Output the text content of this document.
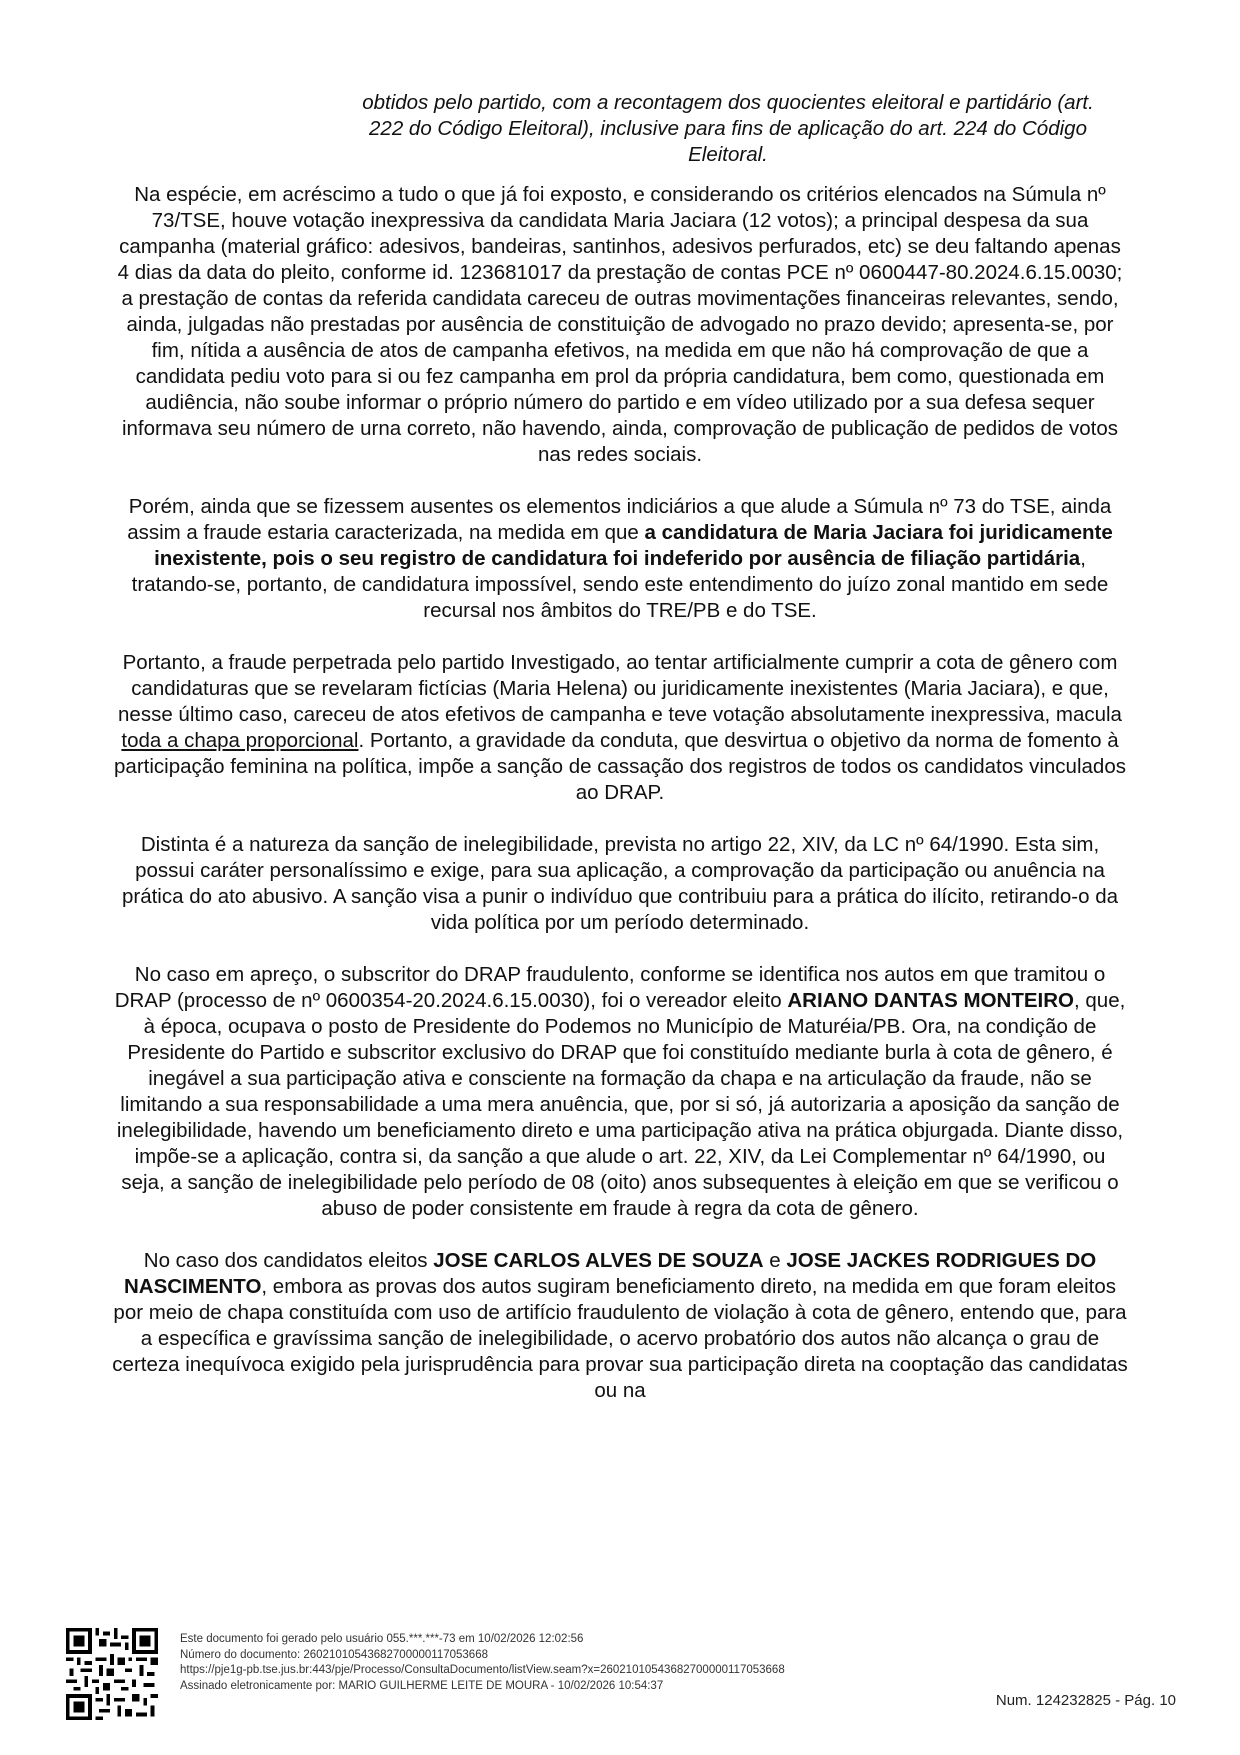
obtidos pelo partido, com a recontagem dos quocientes eleitoral e partidário (art. 222 do Código Eleitoral), inclusive para fins de aplicação do art. 224 do Código Eleitoral.

Na espécie, em acréscimo a tudo o que já foi exposto, e considerando os critérios elencados na Súmula nº 73/TSE, houve votação inexpressiva da candidata Maria Jaciara (12 votos); a principal despesa da sua campanha (material gráfico: adesivos, bandeiras, santinhos, adesivos perfurados, etc) se deu faltando apenas 4 dias da data do pleito, conforme id. 123681017 da prestação de contas PCE nº 0600447-80.2024.6.15.0030; a prestação de contas da referida candidata careceu de outras movimentações financeiras relevantes, sendo, ainda, julgadas não prestadas por ausência de constituição de advogado no prazo devido; apresenta-se, por fim, nítida a ausência de atos de campanha efetivos, na medida em que não há comprovação de que a candidata pediu voto para si ou fez campanha em prol da própria candidatura, bem como, questionada em audiência, não soube informar o próprio número do partido e em vídeo utilizado por a sua defesa sequer informava seu número de urna correto, não havendo, ainda, comprovação de publicação de pedidos de votos nas redes sociais.

Porém, ainda que se fizessem ausentes os elementos indiciários a que alude a Súmula nº 73 do TSE, ainda assim a fraude estaria caracterizada, na medida em que a candidatura de Maria Jaciara foi juridicamente inexistente, pois o seu registro de candidatura foi indeferido por ausência de filiação partidária, tratando-se, portanto, de candidatura impossível, sendo este entendimento do juízo zonal mantido em sede recursal nos âmbitos do TRE/PB e do TSE.

Portanto, a fraude perpetrada pelo partido Investigado, ao tentar artificialmente cumprir a cota de gênero com candidaturas que se revelaram fictícias (Maria Helena) ou juridicamente inexistentes (Maria Jaciara), e que, nesse último caso, careceu de atos efetivos de campanha e teve votação absolutamente inexpressiva, macula toda a chapa proporcional. Portanto, a gravidade da conduta, que desvirtua o objetivo da norma de fomento à participação feminina na política, impõe a sanção de cassação dos registros de todos os candidatos vinculados ao DRAP.

Distinta é a natureza da sanção de inelegibilidade, prevista no artigo 22, XIV, da LC nº 64/1990. Esta sim, possui caráter personalíssimo e exige, para sua aplicação, a comprovação da participação ou anuência na prática do ato abusivo. A sanção visa a punir o indivíduo que contribuiu para a prática do ilícito, retirando-o da vida política por um período determinado.

No caso em apreço, o subscritor do DRAP fraudulento, conforme se identifica nos autos em que tramitou o DRAP (processo de nº 0600354-20.2024.6.15.0030), foi o vereador eleito ARIANO DANTAS MONTEIRO, que, à época, ocupava o posto de Presidente do Podemos no Município de Maturéia/PB. Ora, na condição de Presidente do Partido e subscritor exclusivo do DRAP que foi constituído mediante burla à cota de gênero, é inegável a sua participação ativa e consciente na formação da chapa e na articulação da fraude, não se limitando a sua responsabilidade a uma mera anuência, que, por si só, já autorizaria a aposição da sanção de inelegibilidade, havendo um beneficiamento direto e uma participação ativa na prática objurgada. Diante disso, impõe-se a aplicação, contra si, da sanção a que alude o art. 22, XIV, da Lei Complementar nº 64/1990, ou seja, a sanção de inelegibilidade pelo período de 08 (oito) anos subsequentes à eleição em que se verificou o abuso de poder consistente em fraude à regra da cota de gênero.

No caso dos candidatos eleitos JOSE CARLOS ALVES DE SOUZA e JOSE JACKES RODRIGUES DO NASCIMENTO, embora as provas dos autos sugiram beneficiamento direto, na medida em que foram eleitos por meio de chapa constituída com uso de artifício fraudulento de violação à cota de gênero, entendo que, para a específica e gravíssima sanção de inelegibilidade, o acervo probatório dos autos não alcança o grau de certeza inequívoca exigido pela jurisprudência para provar sua participação direta na cooptação das candidatas ou na

Este documento foi gerado pelo usuário 055.***.***-73 em 10/02/2026 12:02:56
Número do documento: 26021010543682700000117053668
https://pje1g-pb.tse.jus.br:443/pje/Processo/ConsultaDocumento/listView.seam?x=26021010543682700000117053668
Assinado eletronicamente por: MARIO GUILHERME LEITE DE MOURA - 10/02/2026 10:54:37
Num. 124232825 - Pág. 10
